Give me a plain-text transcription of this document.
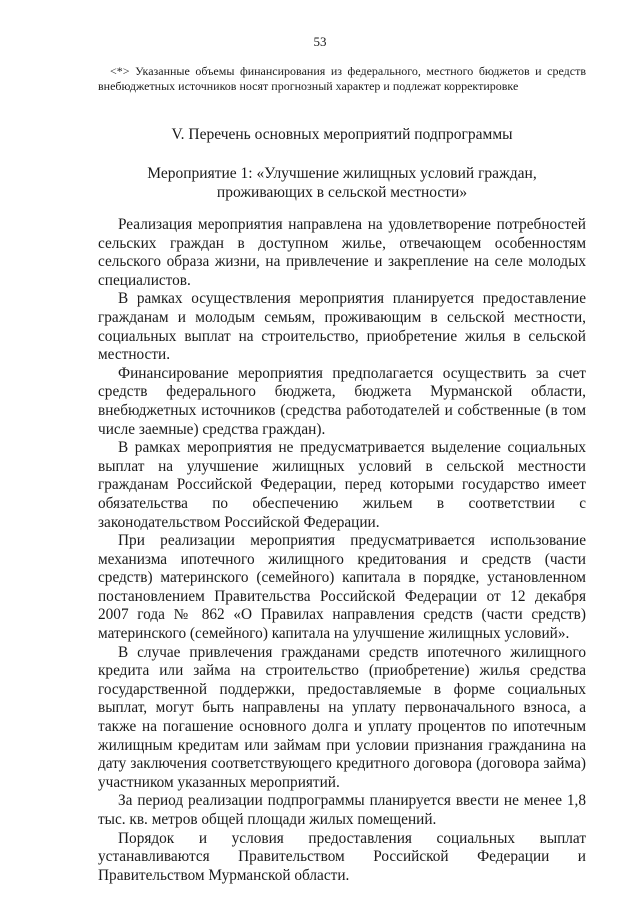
53

<*> Указанные объемы финансирования из федерального, местного бюджетов и средств внебюджетных источников носят прогнозный характер и подлежат корректировке

V. Перечень основных мероприятий подпрограммы
Мероприятие 1: «Улучшение жилищных условий граждан, проживающих в сельской местности»

Реализация мероприятия направлена на удовлетворение потребностей сельских граждан в доступном жилье, отвечающем особенностям сельского образа жизни, на привлечение и закрепление на селе молодых специалистов.

В рамках осуществления мероприятия планируется предоставление гражданам и молодым семьям, проживающим в сельской местности, социальных выплат на строительство, приобретение жилья в сельской местности.

Финансирование мероприятия предполагается осуществить за счет средств федерального бюджета, бюджета Мурманской области, внебюджетных источников (средства работодателей и собственные (в том числе заемные) средства граждан).

В рамках мероприятия не предусматривается выделение социальных выплат на улучшение жилищных условий в сельской местности гражданам Российской Федерации, перед которыми государство имеет обязательства по обеспечению жильем в соответствии с законодательством Российской Федерации.

При реализации мероприятия предусматривается использование механизма ипотечного жилищного кредитования и средств (части средств) материнского (семейного) капитала в порядке, установленном постановлением Правительства Российской Федерации от 12 декабря 2007 года № 862 «О Правилах направления средств (части средств) материнского (семейного) капитала на улучшение жилищных условий».

В случае привлечения гражданами средств ипотечного жилищного кредита или займа на строительство (приобретение) жилья средства государственной поддержки, предоставляемые в форме социальных выплат, могут быть направлены на уплату первоначального взноса, а также на погашение основного долга и уплату процентов по ипотечным жилищным кредитам или займам при условии признания гражданина на дату заключения соответствующего кредитного договора (договора займа) участником указанных мероприятий.

За период реализации подпрограммы планируется ввести не менее 1,8 тыс. кв. метров общей площади жилых помещений.

Порядок и условия предоставления социальных выплат устанавливаются Правительством Российской Федерации и Правительством Мурманской области.
